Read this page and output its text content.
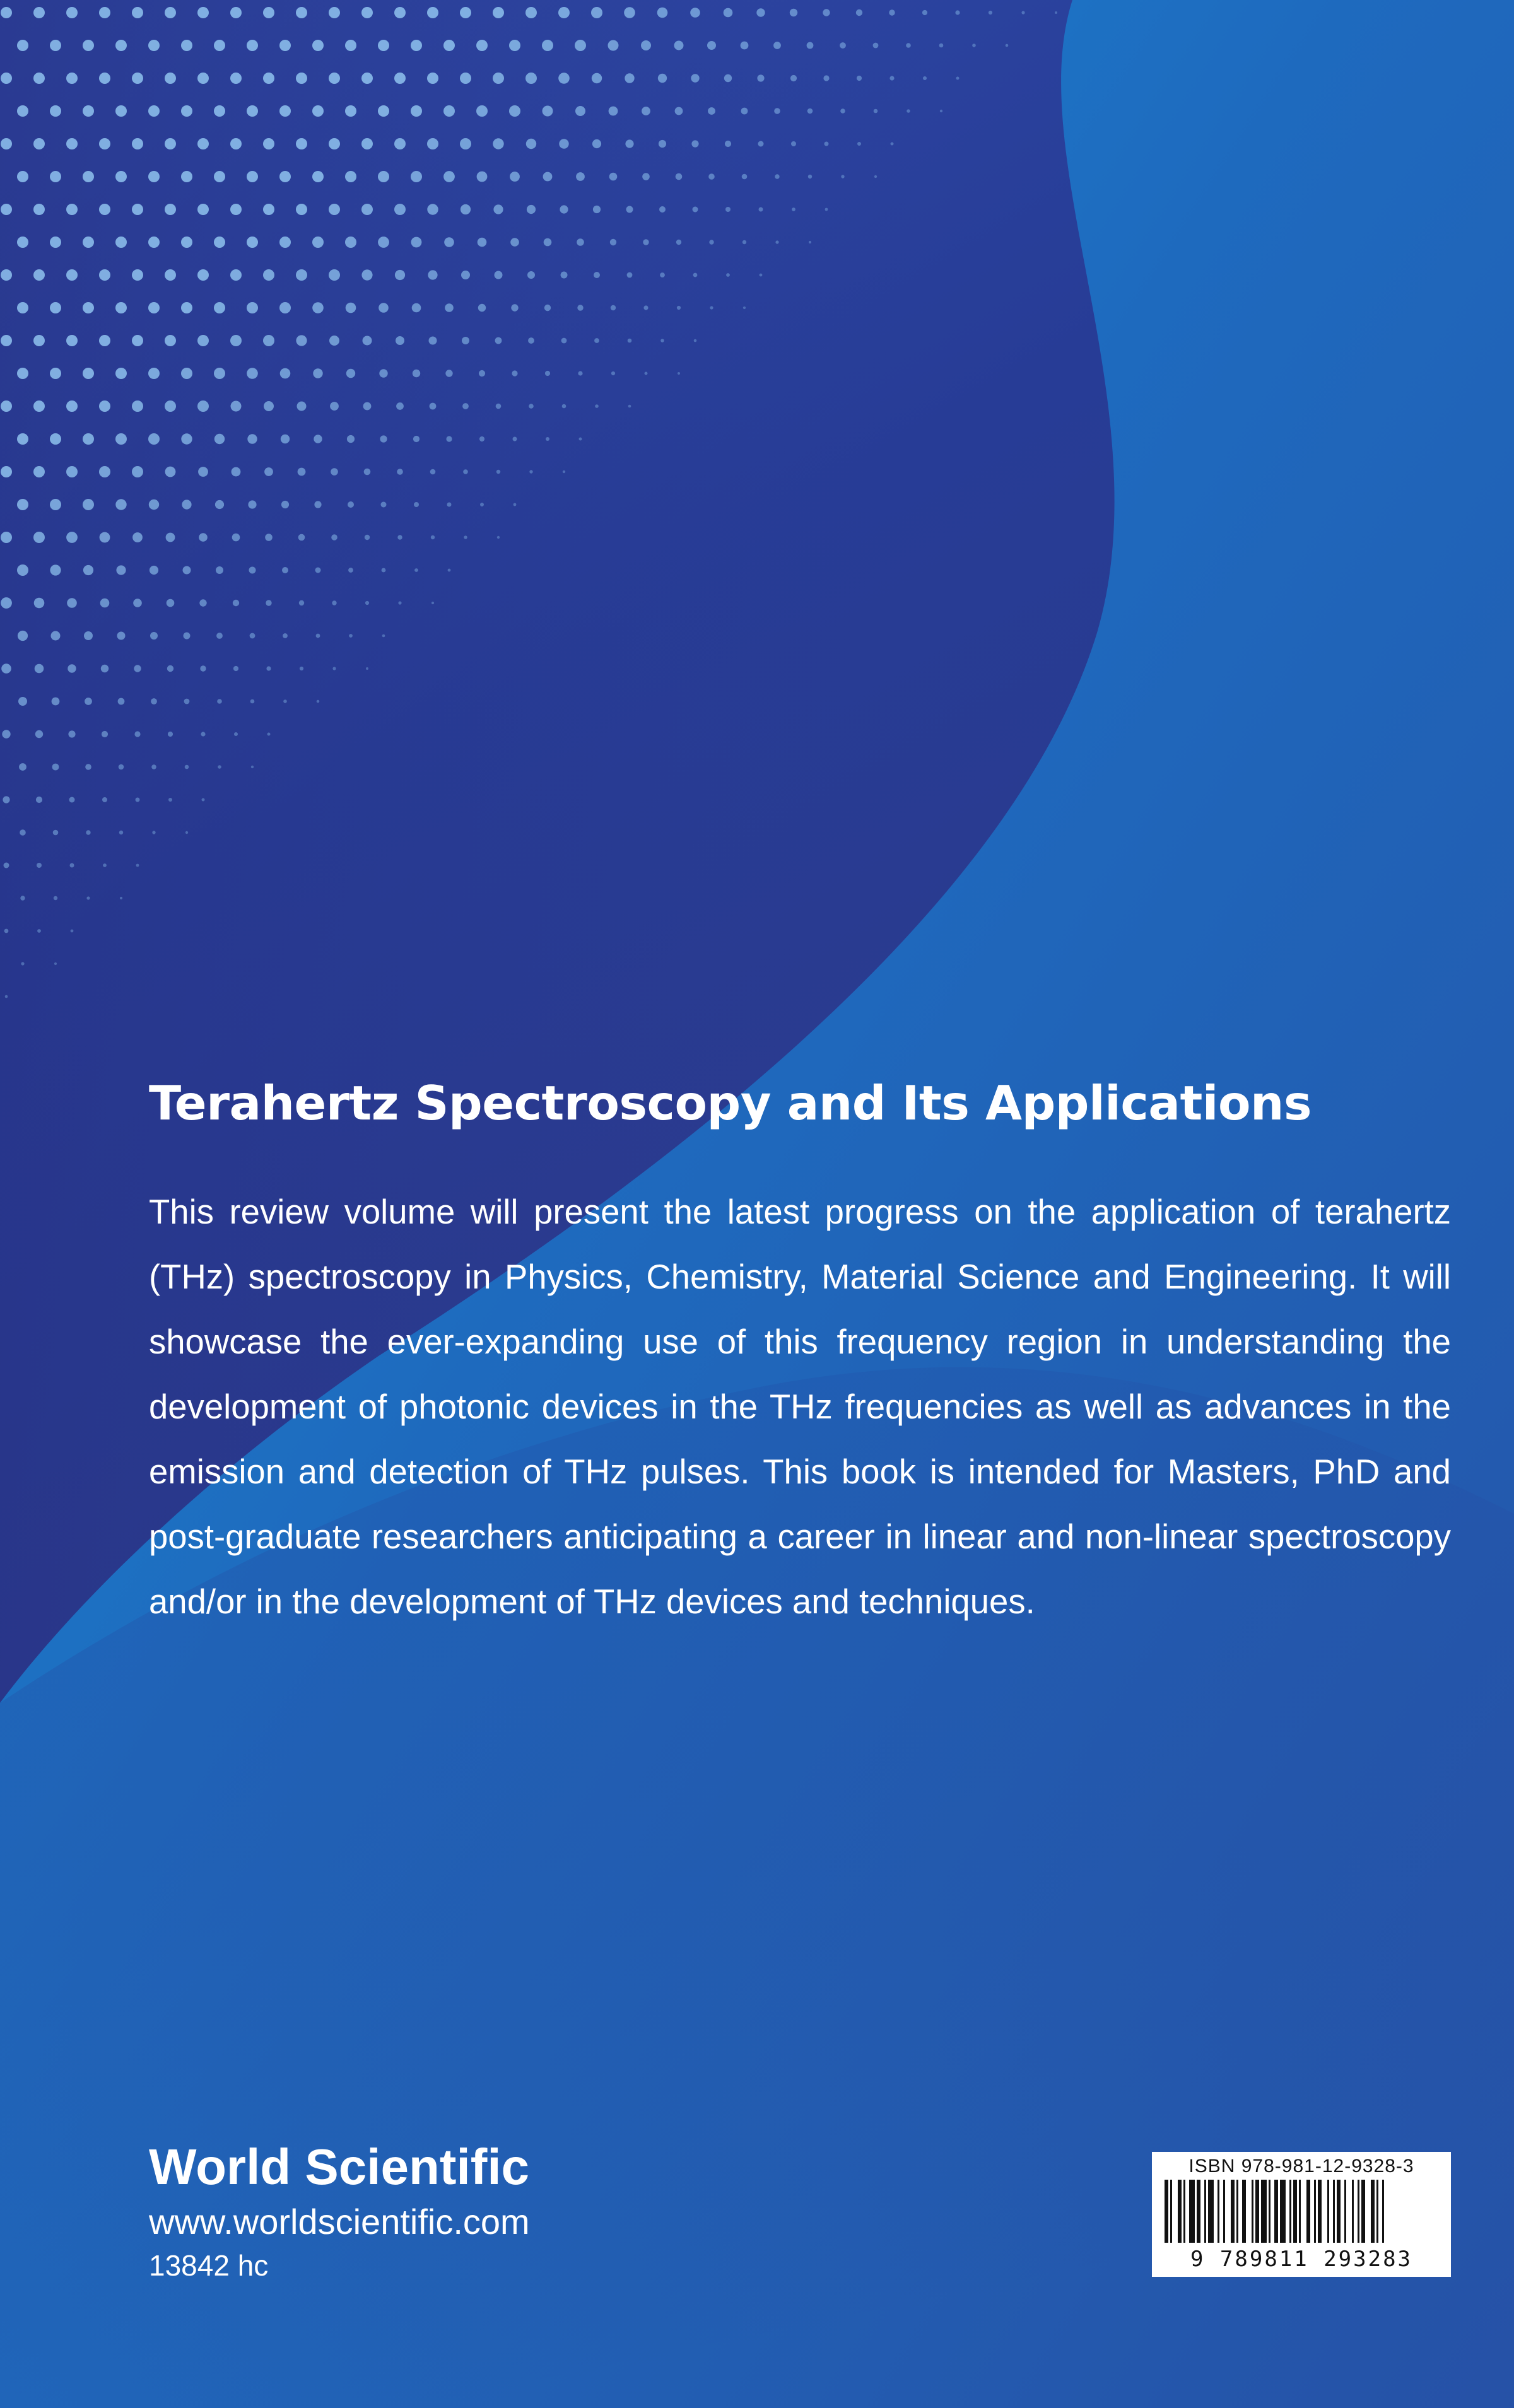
Terahertz Spectroscopy and Its Applications
This review volume will present the latest progress on the application of terahertz (THz) spectroscopy in Physics, Chemistry, Material Science and Engineering. It will showcase the ever-expanding use of this frequency region in understanding the development of photonic devices in the THz frequencies as well as advances in the emission and detection of THz pulses. This book is intended for Masters, PhD and post-graduate researchers anticipating a career in linear and non-linear spectroscopy and/or in the development of THz devices and techniques.
World Scientific
www.worldscientific.com
13842 hc
ISBN 978-981-12-9328-3
9 789811 293283
